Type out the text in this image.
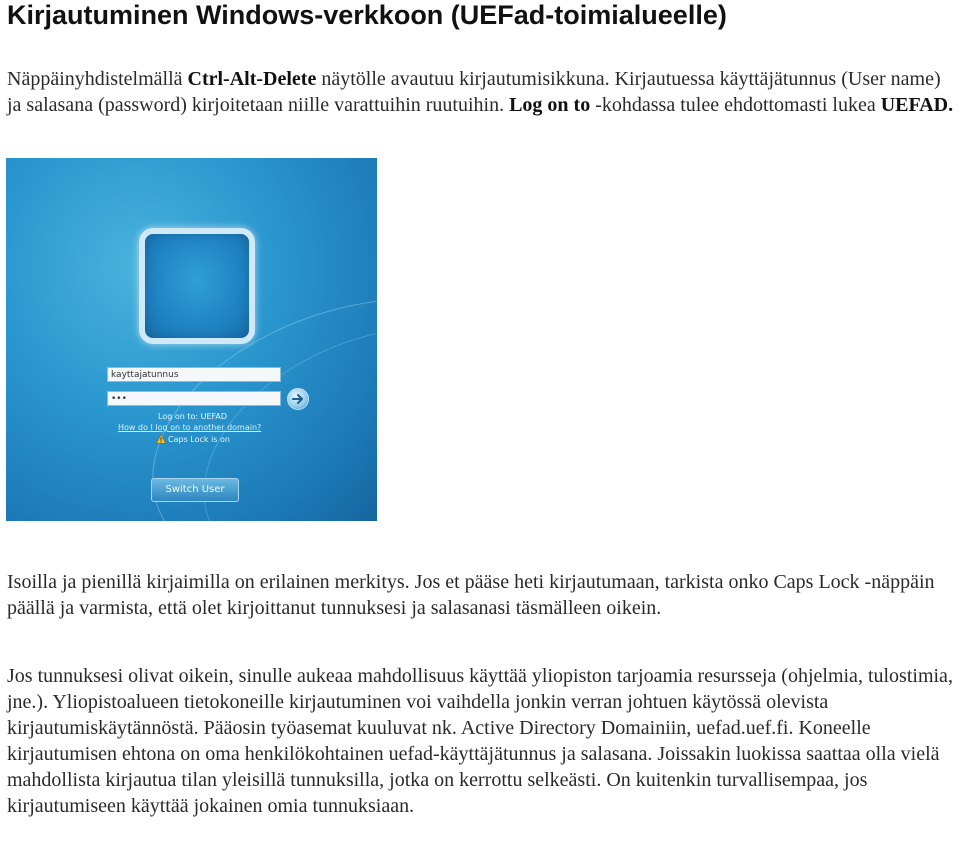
Kirjautuminen Windows-verkkoon (UEFad-toimialueelle)

Näppäinyhdistelmällä Ctrl-Alt-Delete näytölle avautuu kirjautumisikkuna. Kirjautuessa käyttäjätunnus (User name) ja salasana (password) kirjoitetaan niille varattuihin ruutuihin. Log on to -kohdassa tulee ehdottomasti lukea UEFAD.

kayttajatunnus
•••
Log on to: UEFAD
How do I log on to another domain?
Caps Lock is on
Switch User

Isoilla ja pienillä kirjaimilla on erilainen merkitys. Jos et pääse heti kirjautumaan, tarkista onko Caps Lock -näppäin päällä ja varmista, että olet kirjoittanut tunnuksesi ja salasanasi täsmälleen oikein.

Jos tunnuksesi olivat oikein, sinulle aukeaa mahdollisuus käyttää yliopiston tarjoamia resursseja (ohjelmia, tulostimia, jne.). Yliopistoalueen tietokoneille kirjautuminen voi vaihdella jonkin verran johtuen käytössä olevista kirjautumiskäytännöstä. Pääosin työasemat kuuluvat nk. Active Directory Domainiin, uefad.uef.fi. Koneelle kirjautumisen ehtona on oma henkilökohtainen uefad-käyttäjätunnus ja salasana. Joissakin luokissa saattaa olla vielä mahdollista kirjautua tilan yleisillä tunnuksilla, jotka on kerrottu selkeästi. On kuitenkin turvallisempaa, jos kirjautumiseen käyttää jokainen omia tunnuksiaan.
